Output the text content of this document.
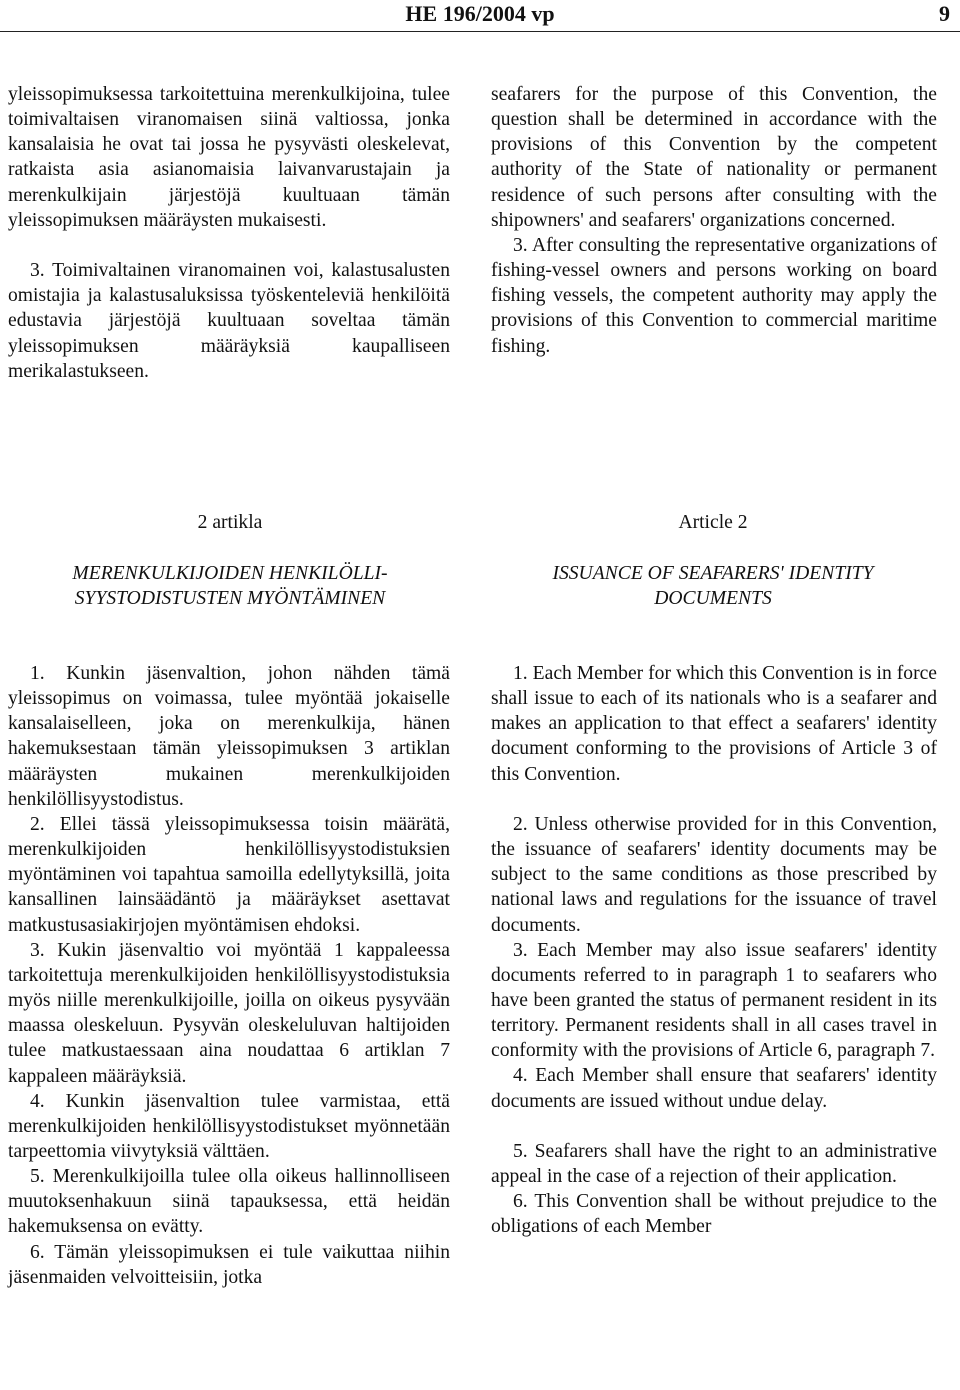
HE 196/2004 vp	9

yleissopimuksessa tarkoitettuina merenkulkijoina, tulee toimivaltaisen viranomaisen siinä valtiossa, jonka kansalaisia he ovat tai jossa he pysyvästi oleskelevat, ratkaista asia asianomaisia laivanvarustajain ja merenkulkijain järjestöjä kuultuaan tämän yleissopimuksen määräysten mukaisesti.

3. Toimivaltainen viranomainen voi, kalastusalusten omistajia ja kalastusaluksissa työskenteleviä henkilöitä edustavia järjestöjä kuultuaan soveltaa tämän yleissopimuksen määräyksiä kaupalliseen merikalastukseen.

seafarers for the purpose of this Convention, the question shall be determined in accordance with the provisions of this Convention by the competent authority of the State of nationality or permanent residence of such persons after consulting with the shipowners' and seafarers' organizations concerned.

3. After consulting the representative organizations of fishing-vessel owners and persons working on board fishing vessels, the competent authority may apply the provisions of this Convention to commercial maritime fishing.

2 artikla	Article 2
MERENKULKIJOIDEN HENKILÖLLI-
SYYSTODISTUSTEN MYÖNTÄMINEN
ISSUANCE OF SEAFARERS' IDENTITY
DOCUMENTS

1. Kunkin jäsenvaltion, johon nähden tämä yleissopimus on voimassa, tulee myöntää jokaiselle kansalaiselleen, joka on merenkulkija, hänen hakemuksestaan tämän yleissopimuksen 3 artiklan määräysten mukainen merenkulkijoiden henkilöllisyystodistus.

2. Ellei tässä yleissopimuksessa toisin määrätä, merenkulkijoiden henkilöllisyystodistuksien myöntäminen voi tapahtua samoilla edellytyksillä, joita kansallinen lainsäädäntö ja määräykset asettavat matkustusasiakirjojen myöntämisen ehdoksi.

3. Kukin jäsenvaltio voi myöntää 1 kappaleessa tarkoitettuja merenkulkijoiden henkilöllisyystodistuksia myös niille merenkulkijoille, joilla on oikeus pysyvään maassa oleskeluun. Pysyvän oleskeluluvan haltijoiden tulee matkustaessaan aina noudattaa 6 artiklan 7 kappaleen määräyksiä.

4. Kunkin jäsenvaltion tulee varmistaa, että merenkulkijoiden henkilöllisyystodistukset myönnetään tarpeettomia viivytyksiä välttäen.

5. Merenkulkijoilla tulee olla oikeus hallinnolliseen muutoksenhakuun siinä tapauksessa, että heidän hakemuksensa on evätty.

6. Tämän yleissopimuksen ei tule vaikuttaa niihin jäsenmaiden velvoitteisiin, jotka

1. Each Member for which this Convention is in force shall issue to each of its nationals who is a seafarer and makes an application to that effect a seafarers' identity document conforming to the provisions of Article 3 of this Convention.

2. Unless otherwise provided for in this Convention, the issuance of seafarers' identity documents may be subject to the same conditions as those prescribed by national laws and regulations for the issuance of travel documents.

3. Each Member may also issue seafarers' identity documents referred to in paragraph 1 to seafarers who have been granted the status of permanent resident in its territory. Permanent residents shall in all cases travel in conformity with the provisions of Article 6, paragraph 7.

4. Each Member shall ensure that seafarers' identity documents are issued without undue delay.

5. Seafarers shall have the right to an administrative appeal in the case of a rejection of their application.

6. This Convention shall be without prejudice to the obligations of each Member
